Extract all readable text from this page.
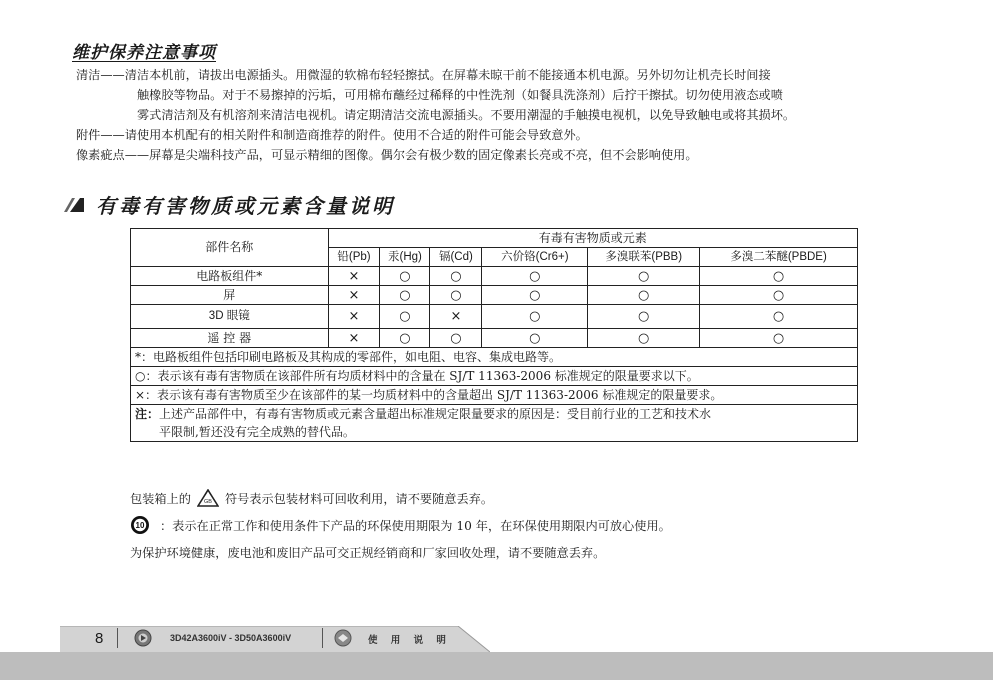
维护保养注意事项
清洁——清洁本机前，请拔出电源插头。用微湿的软棉布轻轻擦拭。在屏幕未晾干前不能接通本机电源。另外切勿让机壳长时间接
触橡胶等物品。对于不易擦掉的污垢，可用棉布蘸经过稀释的中性洗剂（如餐具洗涤剂）后拧干擦拭。切勿使用液态或喷
雾式清洁剂及有机溶剂来清洁电视机。请定期清洁交流电源插头。不要用潮湿的手触摸电视机，以免导致触电或将其损坏。
附件——请使用本机配有的相关附件和制造商推荐的附件。使用不合适的附件可能会导致意外。
像素疵点——屏幕是尖端科技产品，可显示精细的图像。偶尔会有极少数的固定像素长亮或不亮，但不会影响使用。
有毒有害物质或元素含量说明
部件名称	有毒有害物质或元素					
	铅(Pb)	汞(Hg)	镉(Cd)	六价铬(Cr6+)	多溴联苯(PBB)	多溴二苯醚(PBDE)
电路板组件*	×	○	○	○	○	○
屏	×	○	○	○	○	○
3D 眼镜	×	○	×	○	○	○
遥 控 器	×	○	○	○	○	○
*：电路板组件包括印刷电路板及其构成的零部件，如电阻、电容、集成电路等。						
○：表示该有毒有害物质在该部件所有均质材料中的含量在 SJ/T 11363-2006 标准规定的限量要求以下。						
×：表示该有毒有害物质至少在该部件的某一均质材料中的含量超出 SJ/T 11363-2006 标准规定的限量要求。						

注：上述产品部件中，有毒有害物质或元素含量超出标准规定限量要求的原因是：受目前行业的工艺和技术水
平限制,暂还没有完全成熟的替代品。						
包装箱上的 GB 符号表示包装材料可回收利用，请不要随意丢弃。
10 ：表示在正常工作和使用条件下产品的环保使用期限为 10 年，在环保使用期限内可放心使用。
为保护环境健康，废电池和废旧产品可交正规经销商和厂家回收处理，请不要随意丢弃。
8	3D42A3600iV - 3D50A3600iV	使 用 说 明
